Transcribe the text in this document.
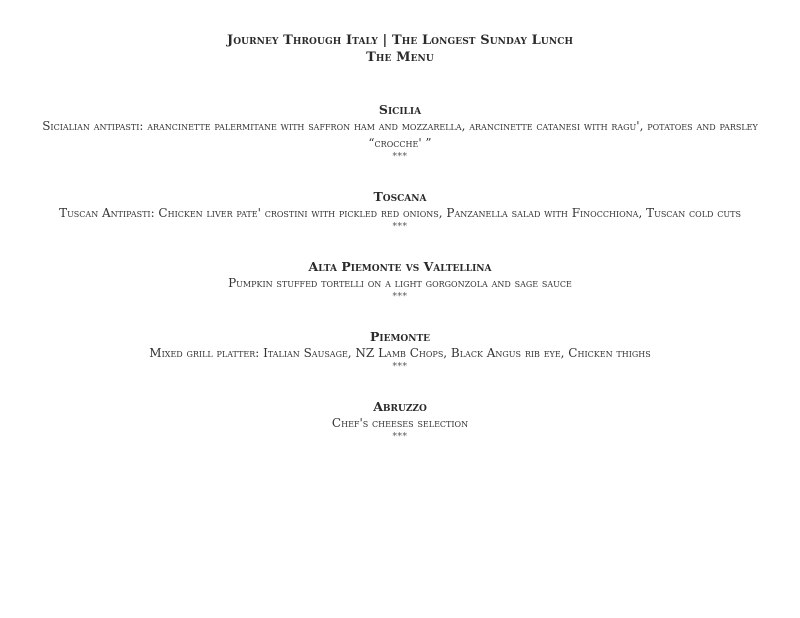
Journey Through Italy | The Longest Sunday Lunch
The Menu
Sicilia
Sicialian antipasti: arancinette palermitane with saffron ham and mozzarella, arancinette catanesi with ragu', potatoes and parsley “crocche' ”
***
Toscana
Tuscan Antipasti: Chicken liver pate' crostini with pickled red onions, Panzanella salad with Finocchiona, Tuscan cold cuts
***
Alta Piemonte vs Valtellina
Pumpkin stuffed tortelli on a light gorgonzola and sage sauce
***
Piemonte
Mixed grill platter: Italian Sausage, NZ Lamb Chops, Black Angus rib eye, Chicken thighs
***
Abruzzo
Chef's cheeses selection
***
